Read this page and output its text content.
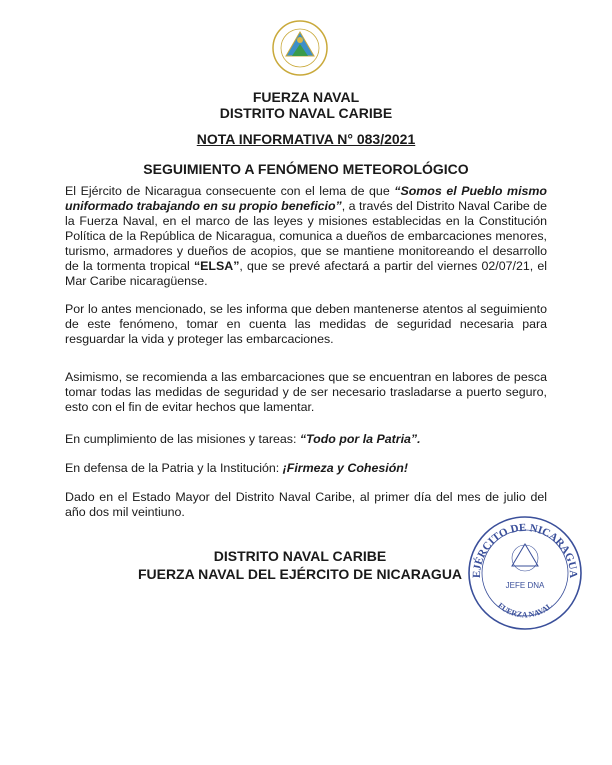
FUERZA NAVAL
DISTRITO NAVAL CARIBE
NOTA INFORMATIVA N° 083/2021
SEGUIMIENTO A FENÓMENO METEOROLÓGICO

El Ejército de Nicaragua consecuente con el lema de que “Somos el Pueblo mismo uniformado trabajando en su propio beneficio”, a través del Distrito Naval Caribe de la Fuerza Naval, en el marco de las leyes y misiones establecidas en la Constitución Política de la República de Nicaragua, comunica a dueños de embarcaciones menores, turismo, armadores y dueños de acopios, que se mantiene monitoreando el desarrollo de la tormenta tropical “ELSA”, que se prevé afectará a partir del viernes 02/07/21, el Mar Caribe nicaragüense.

Por lo antes mencionado, se les informa que deben mantenerse atentos al seguimiento de este fenómeno, tomar en cuenta las medidas de seguridad necesaria para resguardar la vida y proteger las embarcaciones.

Asimismo, se recomienda a las embarcaciones que se encuentran en labores de pesca tomar todas las medidas de seguridad y de ser necesario trasladarse a puerto seguro, esto con el fin de evitar hechos que lamentar.

En cumplimiento de las misiones y tareas: “Todo por la Patria”.

En defensa de la Patria y la Institución: ¡Firmeza y Cohesión!

Dado en el Estado Mayor del Distrito Naval Caribe, al primer día del mes de julio del año dos mil veintiuno.

DISTRITO NAVAL CARIBE
FUERZA NAVAL DEL EJÉRCITO DE NICARAGUA EJÉRCITO DE NICARAGUA
JEFE DNA
FUERZA NAVAL
